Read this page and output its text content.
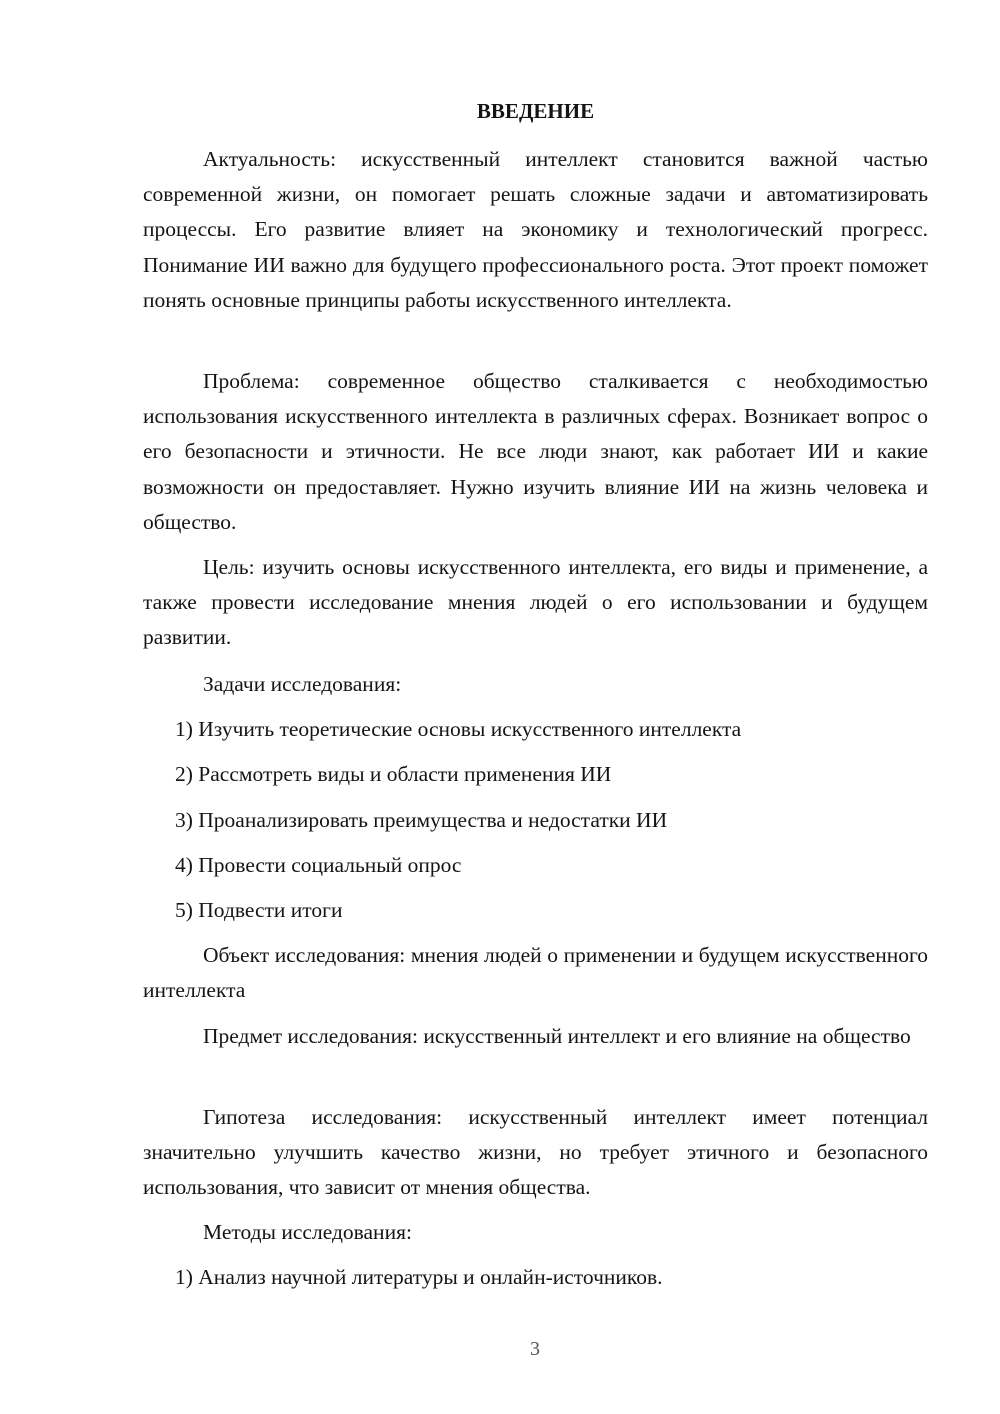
ВВЕДЕНИЕ

Актуальность: искусственный интеллект становится важной частью современной жизни, он помогает решать сложные задачи и автоматизировать процессы. Его развитие влияет на экономику и технологический прогресс. Понимание ИИ важно для будущего профессионального роста. Этот проект поможет понять основные принципы работы искусственного интеллекта.

Проблема: современное общество сталкивается с необходимостью использования искусственного интеллекта в различных сферах. Возникает вопрос о его безопасности и этичности. Не все люди знают, как работает ИИ и какие возможности он предоставляет. Нужно изучить влияние ИИ на жизнь человека и общество.

Цель: изучить основы искусственного интеллекта, его виды и применение, а также провести исследование мнения людей о его использовании и будущем развитии.

Задачи исследования:

1) Изучить теоретические основы искусственного интеллекта

2) Рассмотреть виды и области применения ИИ

3) Проанализировать преимущества и недостатки ИИ

4) Провести социальный опрос

5) Подвести итоги

Объект исследования: мнения людей о применении и будущем искусственного интеллекта

Предмет исследования: искусственный интеллект и его влияние на общество

Гипотеза исследования: искусственный интеллект имеет потенциал значительно улучшить качество жизни, но требует этичного и безопасного использования, что зависит от мнения общества.

Методы исследования:

1) Анализ научной литературы и онлайн-источников.

3
